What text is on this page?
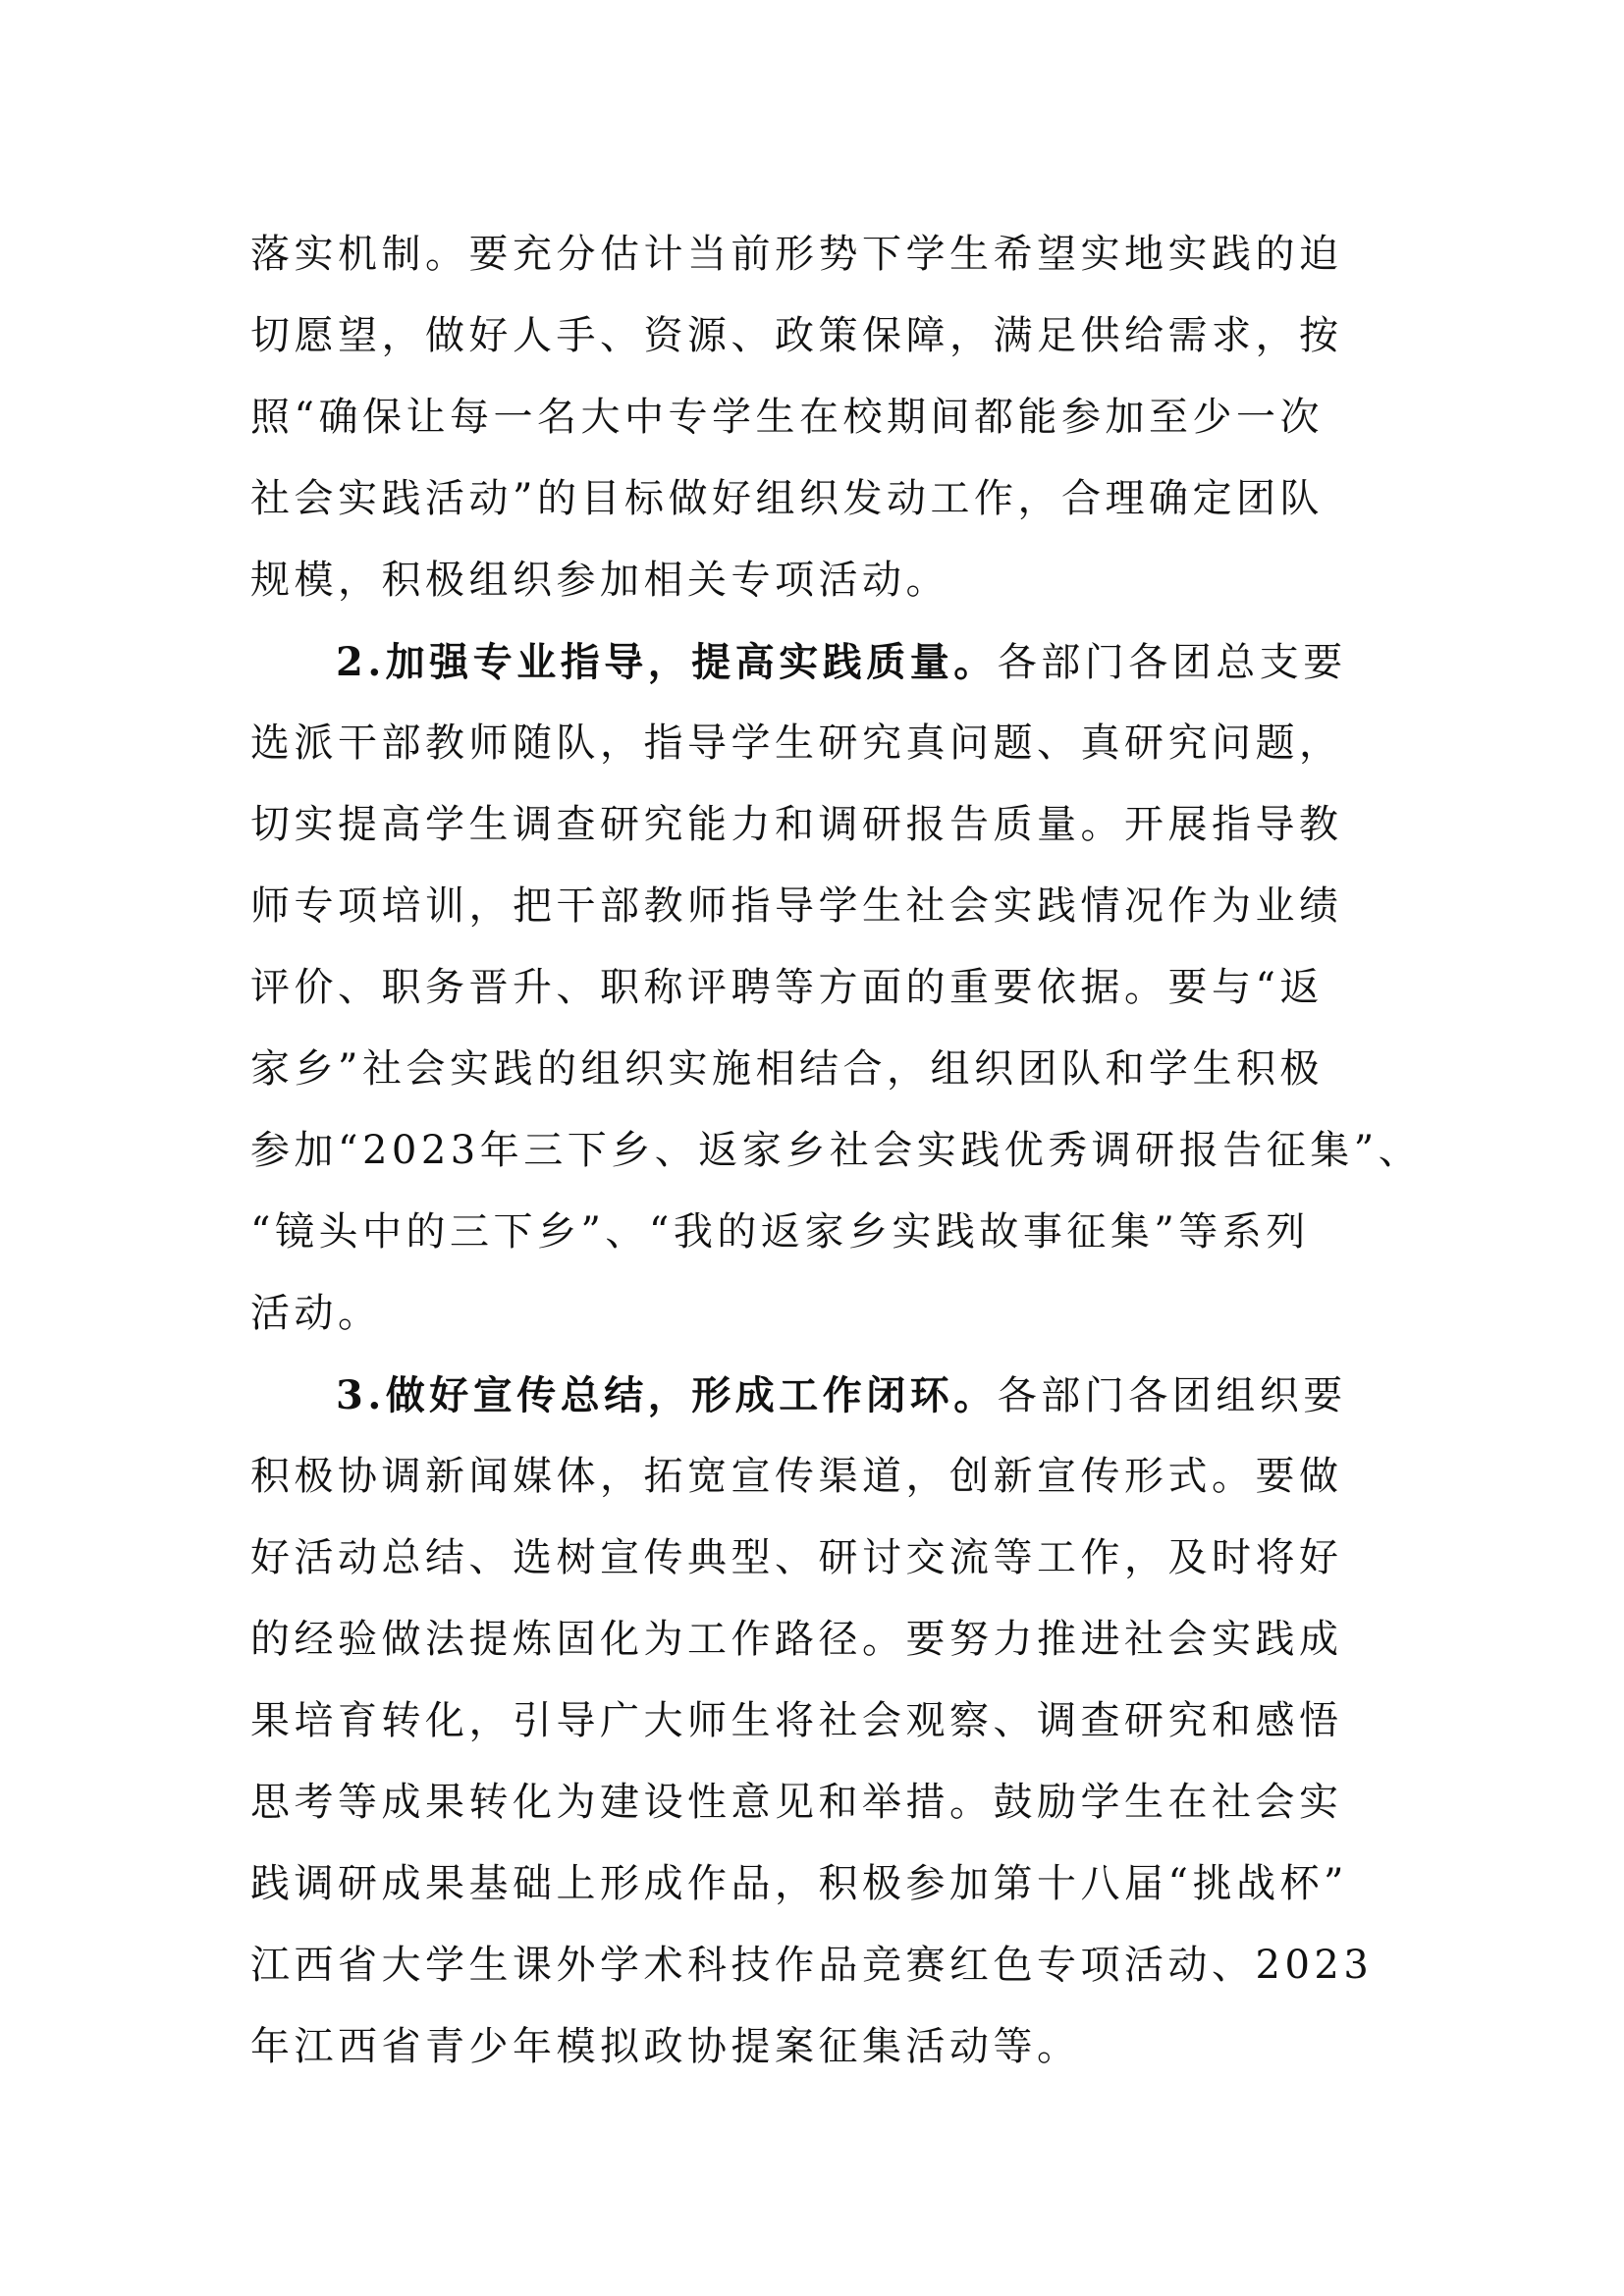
落实机制。要充分估计当前形势下学生希望实地实践的迫
切愿望，做好人手、资源、政策保障，满足供给需求，按
照“确保让每一名大中专学生在校期间都能参加至少一次
社会实践活动”的目标做好组织发动工作，合理确定团队
规模，积极组织参加相关专项活动。
2.加强专业指导，提高实践质量。各部门各团总支要
选派干部教师随队，指导学生研究真问题、真研究问题，
切实提高学生调查研究能力和调研报告质量。开展指导教
师专项培训，把干部教师指导学生社会实践情况作为业绩
评价、职务晋升、职称评聘等方面的重要依据。要与“返
家乡”社会实践的组织实施相结合，组织团队和学生积极
参加“2023年三下乡、返家乡社会实践优秀调研报告征集”、
“镜头中的三下乡”、“我的返家乡实践故事征集”等系列
活动。
3.做好宣传总结，形成工作闭环。各部门各团组织要
积极协调新闻媒体，拓宽宣传渠道，创新宣传形式。要做
好活动总结、选树宣传典型、研讨交流等工作，及时将好
的经验做法提炼固化为工作路径。要努力推进社会实践成
果培育转化，引导广大师生将社会观察、调查研究和感悟
思考等成果转化为建设性意见和举措。鼓励学生在社会实
践调研成果基础上形成作品，积极参加第十八届“挑战杯”
江西省大学生课外学术科技作品竞赛红色专项活动、2023
年江西省青少年模拟政协提案征集活动等。
